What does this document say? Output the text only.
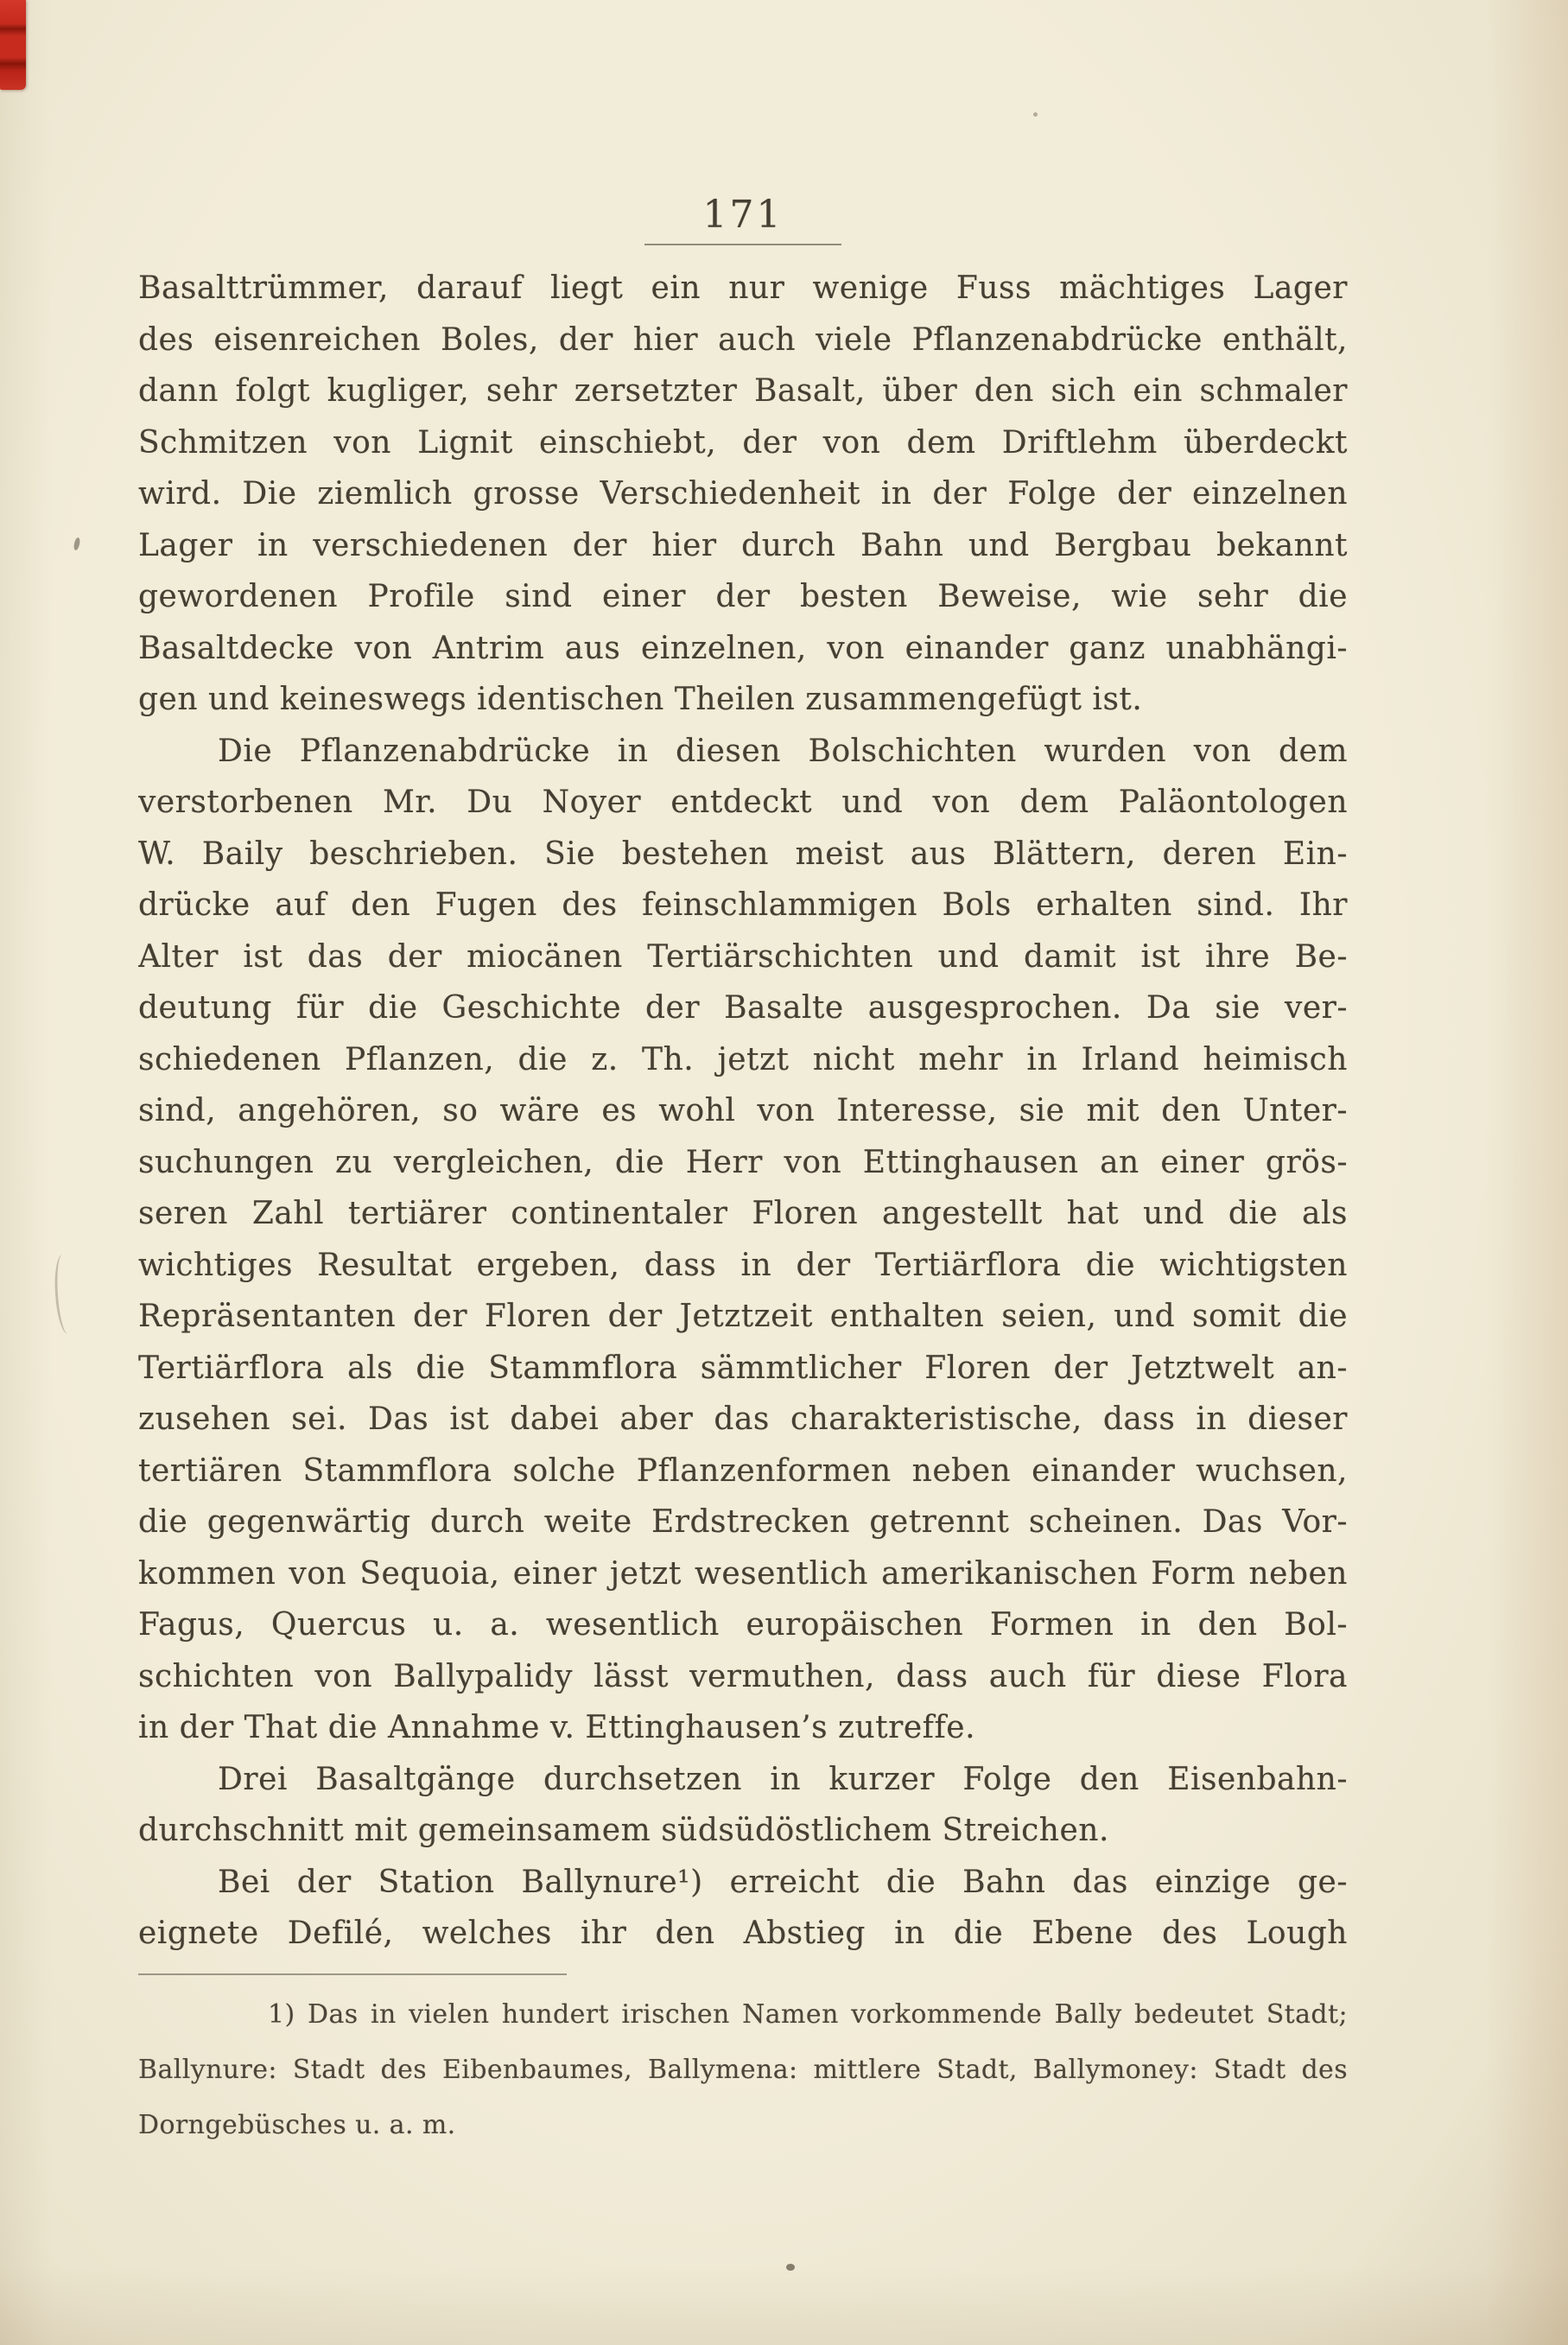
171
Basalttrümmer, darauf liegt ein nur wenige Fuss mächtiges Lager
des eisenreichen Boles, der hier auch viele Pflanzenabdrücke enthält,
dann folgt kugliger, sehr zersetzter Basalt, über den sich ein schmaler
Schmitzen von Lignit einschiebt, der von dem Driftlehm überdeckt
wird. Die ziemlich grosse Verschiedenheit in der Folge der einzelnen
Lager in verschiedenen der hier durch Bahn und Bergbau bekannt
gewordenen Profile sind einer der besten Beweise, wie sehr die
Basaltdecke von Antrim aus einzelnen, von einander ganz unabhängi-
gen und keineswegs identischen Theilen zusammengefügt ist.
Die Pflanzenabdrücke in diesen Bolschichten wurden von dem
verstorbenen Mr. Du Noyer entdeckt und von dem Paläontologen
W. Baily beschrieben. Sie bestehen meist aus Blättern, deren Ein-
drücke auf den Fugen des feinschlammigen Bols erhalten sind. Ihr
Alter ist das der miocänen Tertiärschichten und damit ist ihre Be-
deutung für die Geschichte der Basalte ausgesprochen. Da sie ver-
schiedenen Pflanzen, die z. Th. jetzt nicht mehr in Irland heimisch
sind, angehören, so wäre es wohl von Interesse, sie mit den Unter-
suchungen zu vergleichen, die Herr von Ettinghausen an einer grös-
seren Zahl tertiärer continentaler Floren angestellt hat und die als
wichtiges Resultat ergeben, dass in der Tertiärflora die wichtigsten
Repräsentanten der Floren der Jetztzeit enthalten seien, und somit die
Tertiärflora als die Stammflora sämmtlicher Floren der Jetztwelt an-
zusehen sei. Das ist dabei aber das charakteristische, dass in dieser
tertiären Stammflora solche Pflanzenformen neben einander wuchsen,
die gegenwärtig durch weite Erdstrecken getrennt scheinen. Das Vor-
kommen von Sequoia, einer jetzt wesentlich amerikanischen Form neben
Fagus, Quercus u. a. wesentlich europäischen Formen in den Bol-
schichten von Ballypalidy lässt vermuthen, dass auch für diese Flora
in der That die Annahme v. Ettinghausen’s zutreffe.
Drei Basaltgänge durchsetzen in kurzer Folge den Eisenbahn-
durchschnitt mit gemeinsamem südsüdöstlichem Streichen.
Bei der Station Ballynure¹) erreicht die Bahn das einzige ge-
eignete Defilé, welches ihr den Abstieg in die Ebene des Lough
1) Das in vielen hundert irischen Namen vorkommende Bally bedeutet Stadt;
Ballynure: Stadt des Eibenbaumes, Ballymena: mittlere Stadt, Ballymoney: Stadt des
Dorngebüsches u. a. m.
